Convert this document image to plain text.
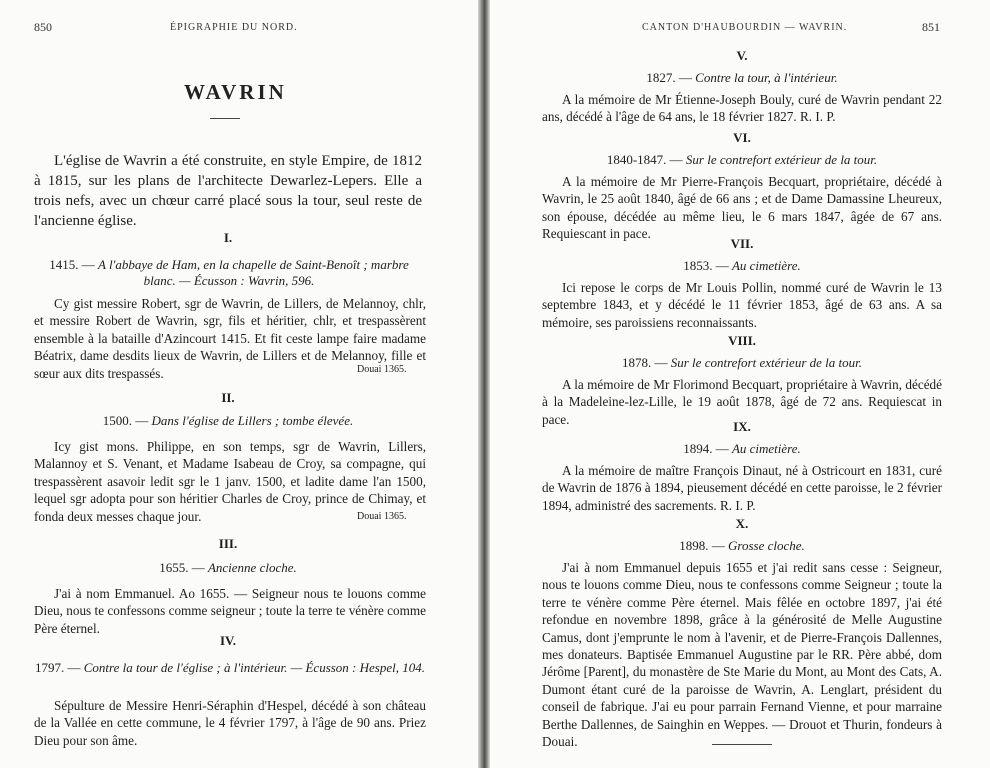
850	ÉPIGRAPHIE DU NORD.
WAVRIN

L'église de Wavrin a été construite, en style Empire, de 1812 à 1815, sur les plans de l'architecte Dewarlez-Lepers. Elle a trois nefs, avec un chœur carré placé sous la tour, seul reste de l'ancienne église.

I.
1415. — A l'abbaye de Ham, en la chapelle de Saint-Benoît ; marbre blanc. — Écusson : Wavrin, 596.

Cy gist messire Robert, sgr de Wavrin, de Lillers, de Melannoy, chlr, et messire Robert de Wavrin, sgr, fils et héritier, chlr, et trespassèrent ensemble à la bataille d'Azincourt 1415. Et fit ceste lampe faire madame Béatrix, dame desdits lieux de Wavrin, de Lillers et de Melannoy, fille et sœur aux dits trespassés.	Douai 1365.
II.
1500. — Dans l'église de Lillers ; tombe élevée.

Icy gist mons. Philippe, en son temps, sgr de Wavrin, Lillers, Malannoy et S. Venant, et Madame Isabeau de Croy, sa compagne, qui trespassèrent asavoir ledit sgr le 1 janv. 1500, et ladite dame l'an 1500, lequel sgr adopta pour son héritier Charles de Croy, prince de Chimay, et fonda deux messes chaque jour.	Douai 1365.
III.
1655. — Ancienne cloche.

J'ai à nom Emmanuel. Ao 1655. — Seigneur nous te louons comme Dieu, nous te confessons comme seigneur ; toute la terre te vénère comme Père éternel.

IV.
1797. — Contre la tour de l'église ; à l'intérieur. — Écusson : Hespel, 104.

Sépulture de Messire Henri-Séraphin d'Hespel, décédé à son château de la Vallée en cette commune, le 4 février 1797, à l'âge de 90 ans. Priez Dieu pour son âme.

CANTON D'HAUBOURDIN — WAVRIN.	851
V.
1827. — Contre la tour, à l'intérieur.

A la mémoire de Mr Étienne-Joseph Bouly, curé de Wavrin pendant 22 ans, décédé à l'âge de 64 ans, le 18 février 1827. R. I. P.

VI.
1840-1847. — Sur le contrefort extérieur de la tour.

A la mémoire de Mr Pierre-François Becquart, propriétaire, décédé à Wavrin, le 25 août 1840, âgé de 66 ans ; et de Dame Damassine Lheureux, son épouse, décédée au même lieu, le 6 mars 1847, âgée de 67 ans. Requiescant in pace.

VII.
1853. — Au cimetière.

Ici repose le corps de Mr Louis Pollin, nommé curé de Wavrin le 13 septembre 1843, et y décédé le 11 février 1853, âgé de 63 ans. A sa mémoire, ses paroissiens reconnaissants.

VIII.
1878. — Sur le contrefort extérieur de la tour.

A la mémoire de Mr Florimond Becquart, propriétaire à Wavrin, décédé à la Madeleine-lez-Lille, le 19 août 1878, âgé de 72 ans. Requiescat in pace.	IX.
1894. — Au cimetière.

A la mémoire de maître François Dinaut, né à Ostricourt en 1831, curé de Wavrin de 1876 à 1894, pieusement décédé en cette paroisse, le 2 février 1894, administré des sacrements. R. I. P.

X.
1898. — Grosse cloche.

J'ai à nom Emmanuel depuis 1655 et j'ai redit sans cesse : Seigneur, nous te louons comme Dieu, nous te confessons comme Seigneur ; toute la terre te vénère comme Père éternel. Mais fêlée en octobre 1897, j'ai été refondue en novembre 1898, grâce à la générosité de Melle Augustine Camus, dont j'emprunte le nom à l'avenir, et de Pierre-François Dallennes, mes donateurs. Baptisée Emmanuel Augustine par le RR. Père abbé, dom Jérôme [Parent], du monastère de Ste Marie du Mont, au Mont des Cats, A. Dumont étant curé de la paroisse de Wavrin, A. Lenglart, président du conseil de fabrique. J'ai eu pour parrain Fernand Vienne, et pour marraine Berthe Dallennes, de Sainghin en Weppes. — Drouot et Thurin, fondeurs à Douai.
